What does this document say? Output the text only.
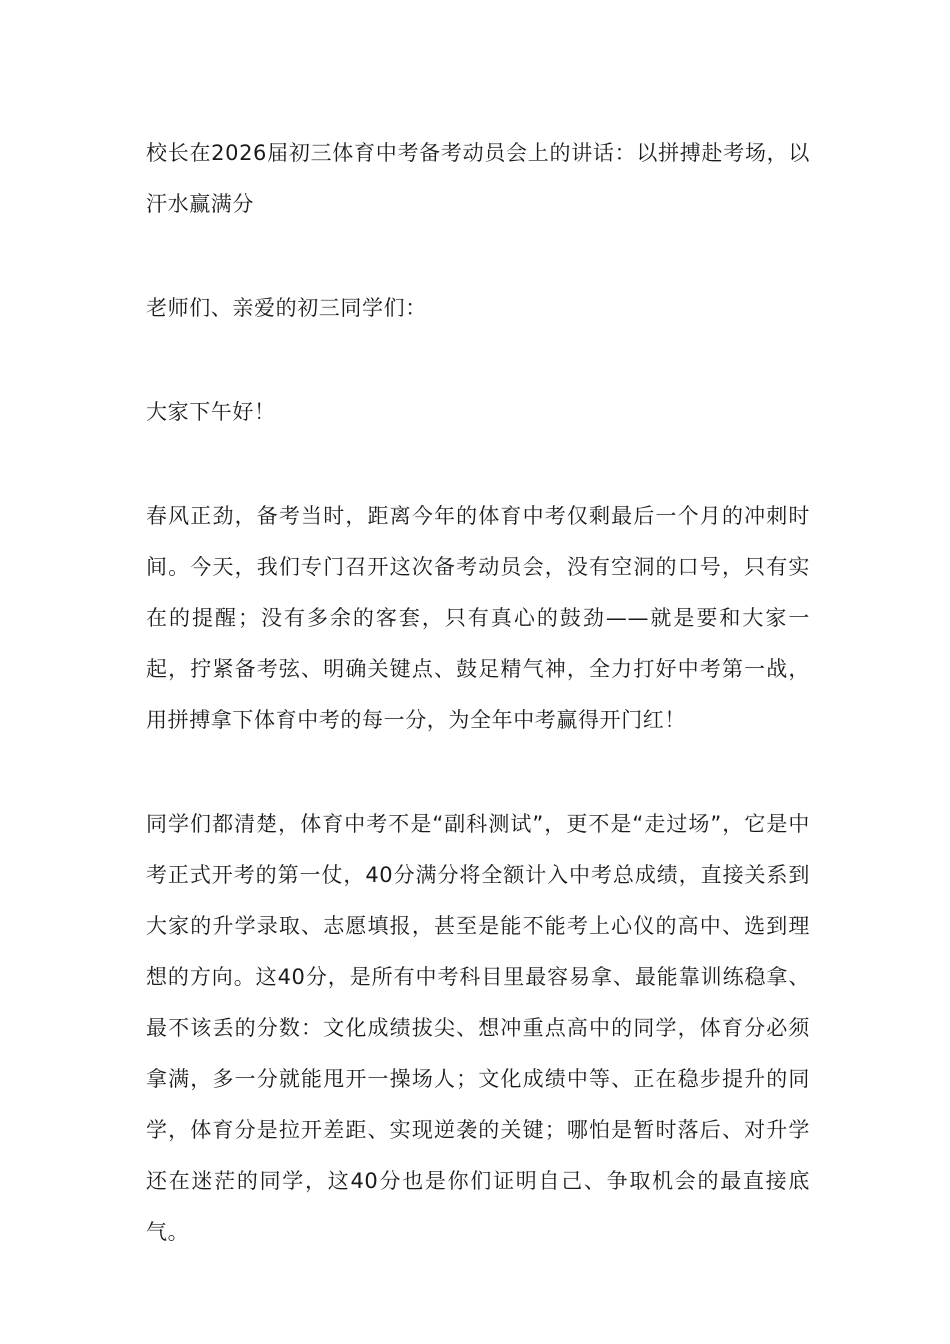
校长在2026届初三体育中考备考动员会上的讲话：以拼搏赴考场，以汗水赢满分

老师们、亲爱的初三同学们：

大家下午好！

春风正劲，备考当时，距离今年的体育中考仅剩最后一个月的冲刺时间。今天，我们专门召开这次备考动员会，没有空洞的口号，只有实在的提醒；没有多余的客套，只有真心的鼓劲——就是要和大家一起，拧紧备考弦、明确关键点、鼓足精气神，全力打好中考第一战，用拼搏拿下体育中考的每一分，为全年中考赢得开门红！

同学们都清楚，体育中考不是“副科测试”，更不是“走过场”，它是中考正式开考的第一仗，40分满分将全额计入中考总成绩，直接关系到大家的升学录取、志愿填报，甚至是能不能考上心仪的高中、选到理想的方向。这40分，是所有中考科目里最容易拿、最能靠训练稳拿、最不该丢的分数：文化成绩拔尖、想冲重点高中的同学，体育分必须拿满，多一分就能甩开一操场人；文化成绩中等、正在稳步提升的同学，体育分是拉开差距、实现逆袭的关键；哪怕是暂时落后、对升学还在迷茫的同学，这40分也是你们证明自己、争取机会的最直接底气。
